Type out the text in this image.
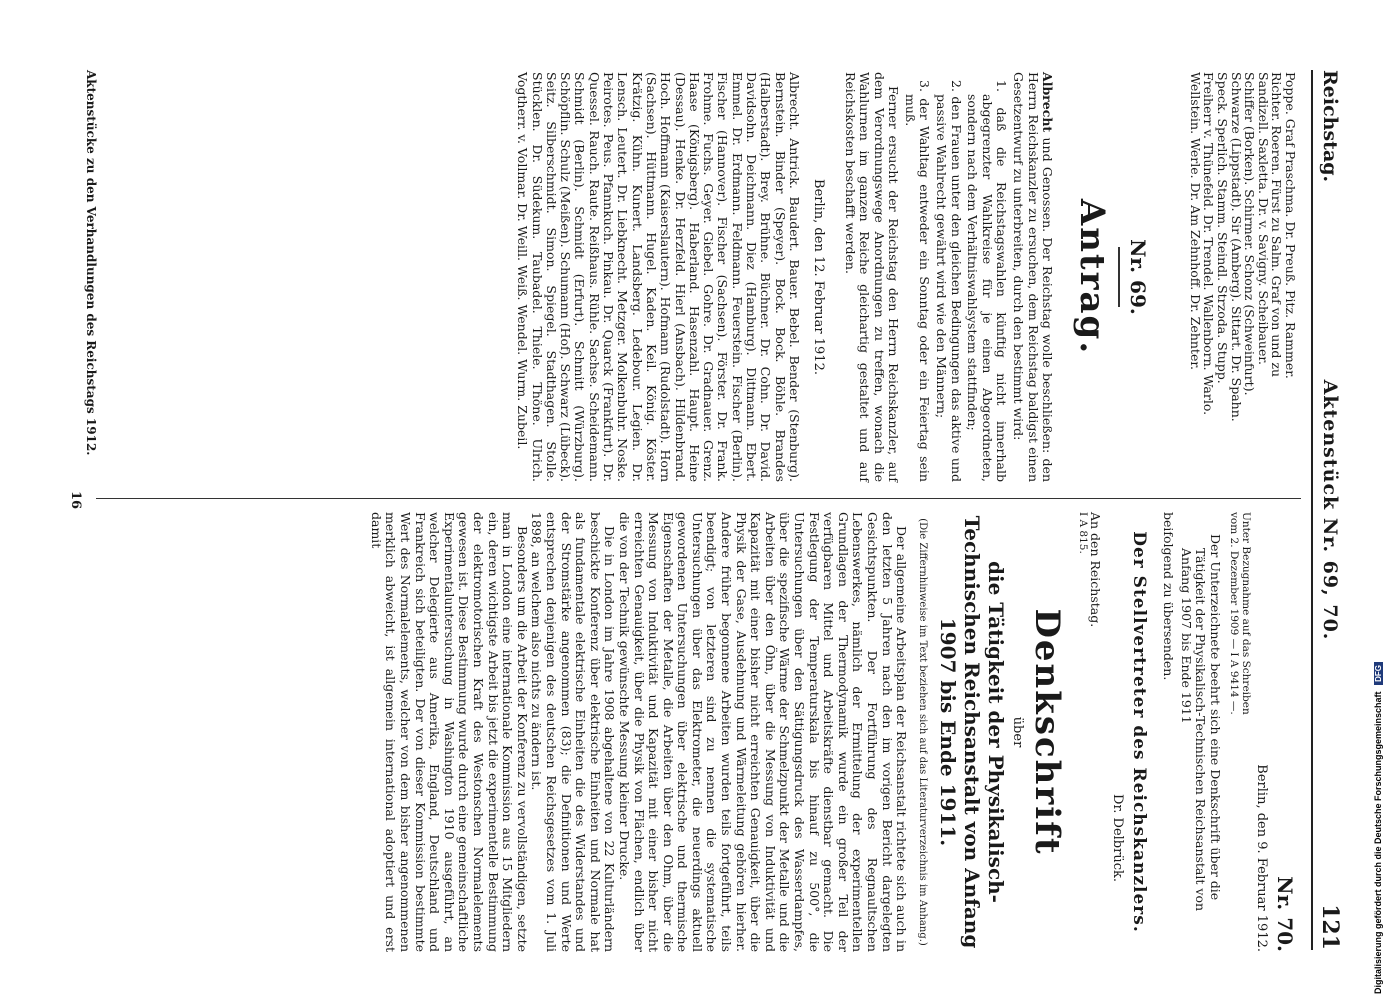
Reichstag.
Aktenstück Nr. 69, 70.
121
Poppe. Graf Praschma. Dr. Preuß. Pitz. Rammer.
Richter. Roeren. Fürst zu Salm. Graf von und zu
Sandizell. Saxlettа. Dr. v. Savigny. Scheibauer.
Schiffer (Borken). Schirmer. Schonz (Schweinfurt).
Schwarze (Lippstadt). Sir (Amberg). Sittart. Dr. Spahn.
Speck. Sperlich. Stamm. Steindl. Strzoda. Stupp.
Freiherr v. Thünefeld. Dr. Trendel. Wallenborn. Warlo.
Wellstein. Werle. Dr. Am Zehnhoff. Dr. Zehnter.
Nr. 69.
Antrag.
Albrecht und Genossen. Der Reichstag wolle beschließen: den Herrn Reichskanzler zu ersuchen, dem Reichstag baldigst einen Gesetzentwurf zu unterbreiten, durch den bestimmt wird:
1. daß die Reichstagswahlen künftig nicht innerhalb abgegrenzter Wahlkreise für je einen Abgeordneten, sondern nach dem Verhältniswahlsystem stattfinden;
2. den Frauen unter den gleichen Bedingungen das aktive und passive Wahlrecht gewährt wird wie den Männern;
3. der Wahltag entweder ein Sonntag oder ein Feiertag sein muß.
Ferner ersucht der Reichstag den Herrn Reichskanzler, auf dem Verordnungswege Anordnungen zu treffen, wonach die Wahlurnen im ganzen Reiche gleichartig gestaltet und auf Reichskosten beschafft werden.
Berlin, den 12. Februar 1912.
Albrecht. Antrick. Baudert. Bauer. Bebel. Bender (Stenburg). Bernstein. Binder (Speyer). Bock. Bock. Böhle. Brandes (Halberstadt). Brey. Brühne. Büchner. Dr. Cohn. Dr. David. Davidsohn. Deichmann. Diez (Hamburg). Dittmann. Ebert. Emmel. Dr. Erdmann. Feldmann. Feuerstein. Fischer (Berlin). Fischer (Hannover). Fischer (Sachsen). Förster. Dr. Frank. Frohme. Fuchs. Geyer. Giebel. Gohre. Dr. Gradnauer. Grenz. Haase (Königsberg). Haberland. Hasenzahl. Haupt. Heine (Dessau). Henke. Dr. Herzfeld. Hierl (Ansbach). Hildenbrand. Hoch. Hoffmann (Kaiserslautern). Hofmann (Rudolstadt). Horn (Sachsen). Hüttmann. Hugel. Kaden. Keil. König. Köster. Krätzig. Kühn. Kunert. Landsberg. Ledebour. Legien. Dr. Lensch. Leutert. Dr. Liebknecht. Metzger. Molkenbuhr. Noske. Peirotes. Peus. Pfannkuch. Pinkau. Dr. Quarck (Frankfurt). Dr. Quessel. Rauch. Raute. Reißhaus. Rühle. Sachse. Scheidemann. Schmidt (Berlin). Schmidt (Erfurt). Schmitt (Würzburg). Schöpflin. Schulz (Meißen). Schumann (Hof). Schwarz (Lübeck). Seitz. Silberschmidt. Simon. Spiegel. Stadthagen. Stolle. Stücklen. Dr. Südekum. Taubadel. Thiele. Thöne. Ulrich. Vogtherr. v. Vollmar. Dr. Weill. Weiß. Wendel. Wurm. Zubeil.
Nr. 70.
Berlin, den 9. Februar 1912.
Unter Bezugnahme auf das Schreiben vom 2. Dezember 1909 — I A 9414 —.
Der Unterzeichnete beehrt sich eine Denkschrift über die Tätigkeit der Physikalisch-Technischen Reichsanstalt von Anfang 1907 bis Ende 1911
beifolgend zu übersenden.
Der Stellvertreter des Reichskanzlers.
Dr. Delbrück.
An den Reichstag.
I A 815.
Denkschrift
über
die Tätigkeit der Physikalisch-Technischen Reichsanstalt von Anfang 1907 bis Ende 1911.
(Die Ziffernhinweise im Text beziehen sich auf das Literaturverzeichnis im Anhang.)
Der allgemeine Arbeitsplan der Reichsanstalt richtete sich auch in den letzten 5 Jahren nach den im vorigen Bericht dargelegten Gesichtspunkten. Der Fortführung des Regnaultschen Lebenswerkes, nämlich der Ermittelung der experimentellen Grundlagen der Thermodynamik wurde ein großer Teil der verfügbaren Mittel und Arbeitskräfte dienstbar gemacht. Die Festlegung der Temperaturskala bis hinauf zu 500°, die Untersuchungen über den Sättigungsdruck des Wasserdampfes, über die spezifische Wärme der Schmelzpunkt der Metalle und die Arbeiten über den Öhn, über die Messung von Induktivität und Kapazität mit einer bisher nicht erreichten Genauigkeit, über die Physik der Gase, Ausdehnung und Wärmeleitung gehören hierher. Andere früher begonnene Arbeiten wurden teils fortgeführt, teils beendigt; von letzteren sind zu nennen die systematische Untersuchungen über das Elektrometer, die neuerdings aktuell gewordenen Untersuchungen über elektrische und thermische Eigenschaften der Metalle, die Arbeiten über den Ohm, über die Messung von Induktivität und Kapazität mit einer bisher nicht erreichten Genauigkeit, über die Physik von Flächen, endlich über die von der Technik gewünschte Messung kleiner Drucke.
Die in London im Jahre 1908 abgehaltene von 22 Kulturländern beschickte Konferenz über elektrische Einheiten und Normale hat als fundamentale elektrische Einheiten die des Widerstandes und der Stromstärke angenommen (83); die Definitionen und Werte entsprechen denjenigen des deutschen Reichsgesetzes vom 1. Juli 1898, an welchem also nichts zu ändern ist.
Besonders um die Arbeit der Konferenz zu vervollständigen, setzte man in London eine internationale Kommission aus 15 Mitgliedern ein, deren wichtigste Arbeit bis jetzt die experimentelle Bestimmung der elektromotorischen Kraft des Westonschen Normalelements gewesen ist. Diese Bestimmung wurde durch eine gemeinschaftliche Experimentaluntersuchung in Washington 1910 ausgeführt, an welcher Delegierte aus Amerika, England, Deutschland und Frankreich sich beteiligten. Der von dieser Kommission bestimmte Wert des Normalelements, welcher von dem bisher angenommenen merklich abweicht, ist allgemein international adoptiert und erst damit
Aktenstücke zu den Verhandlungen des Reichstags 1912.
16
Digitalisierung gefördert durch die Deutsche Forschungsgemeinschaft DFG
